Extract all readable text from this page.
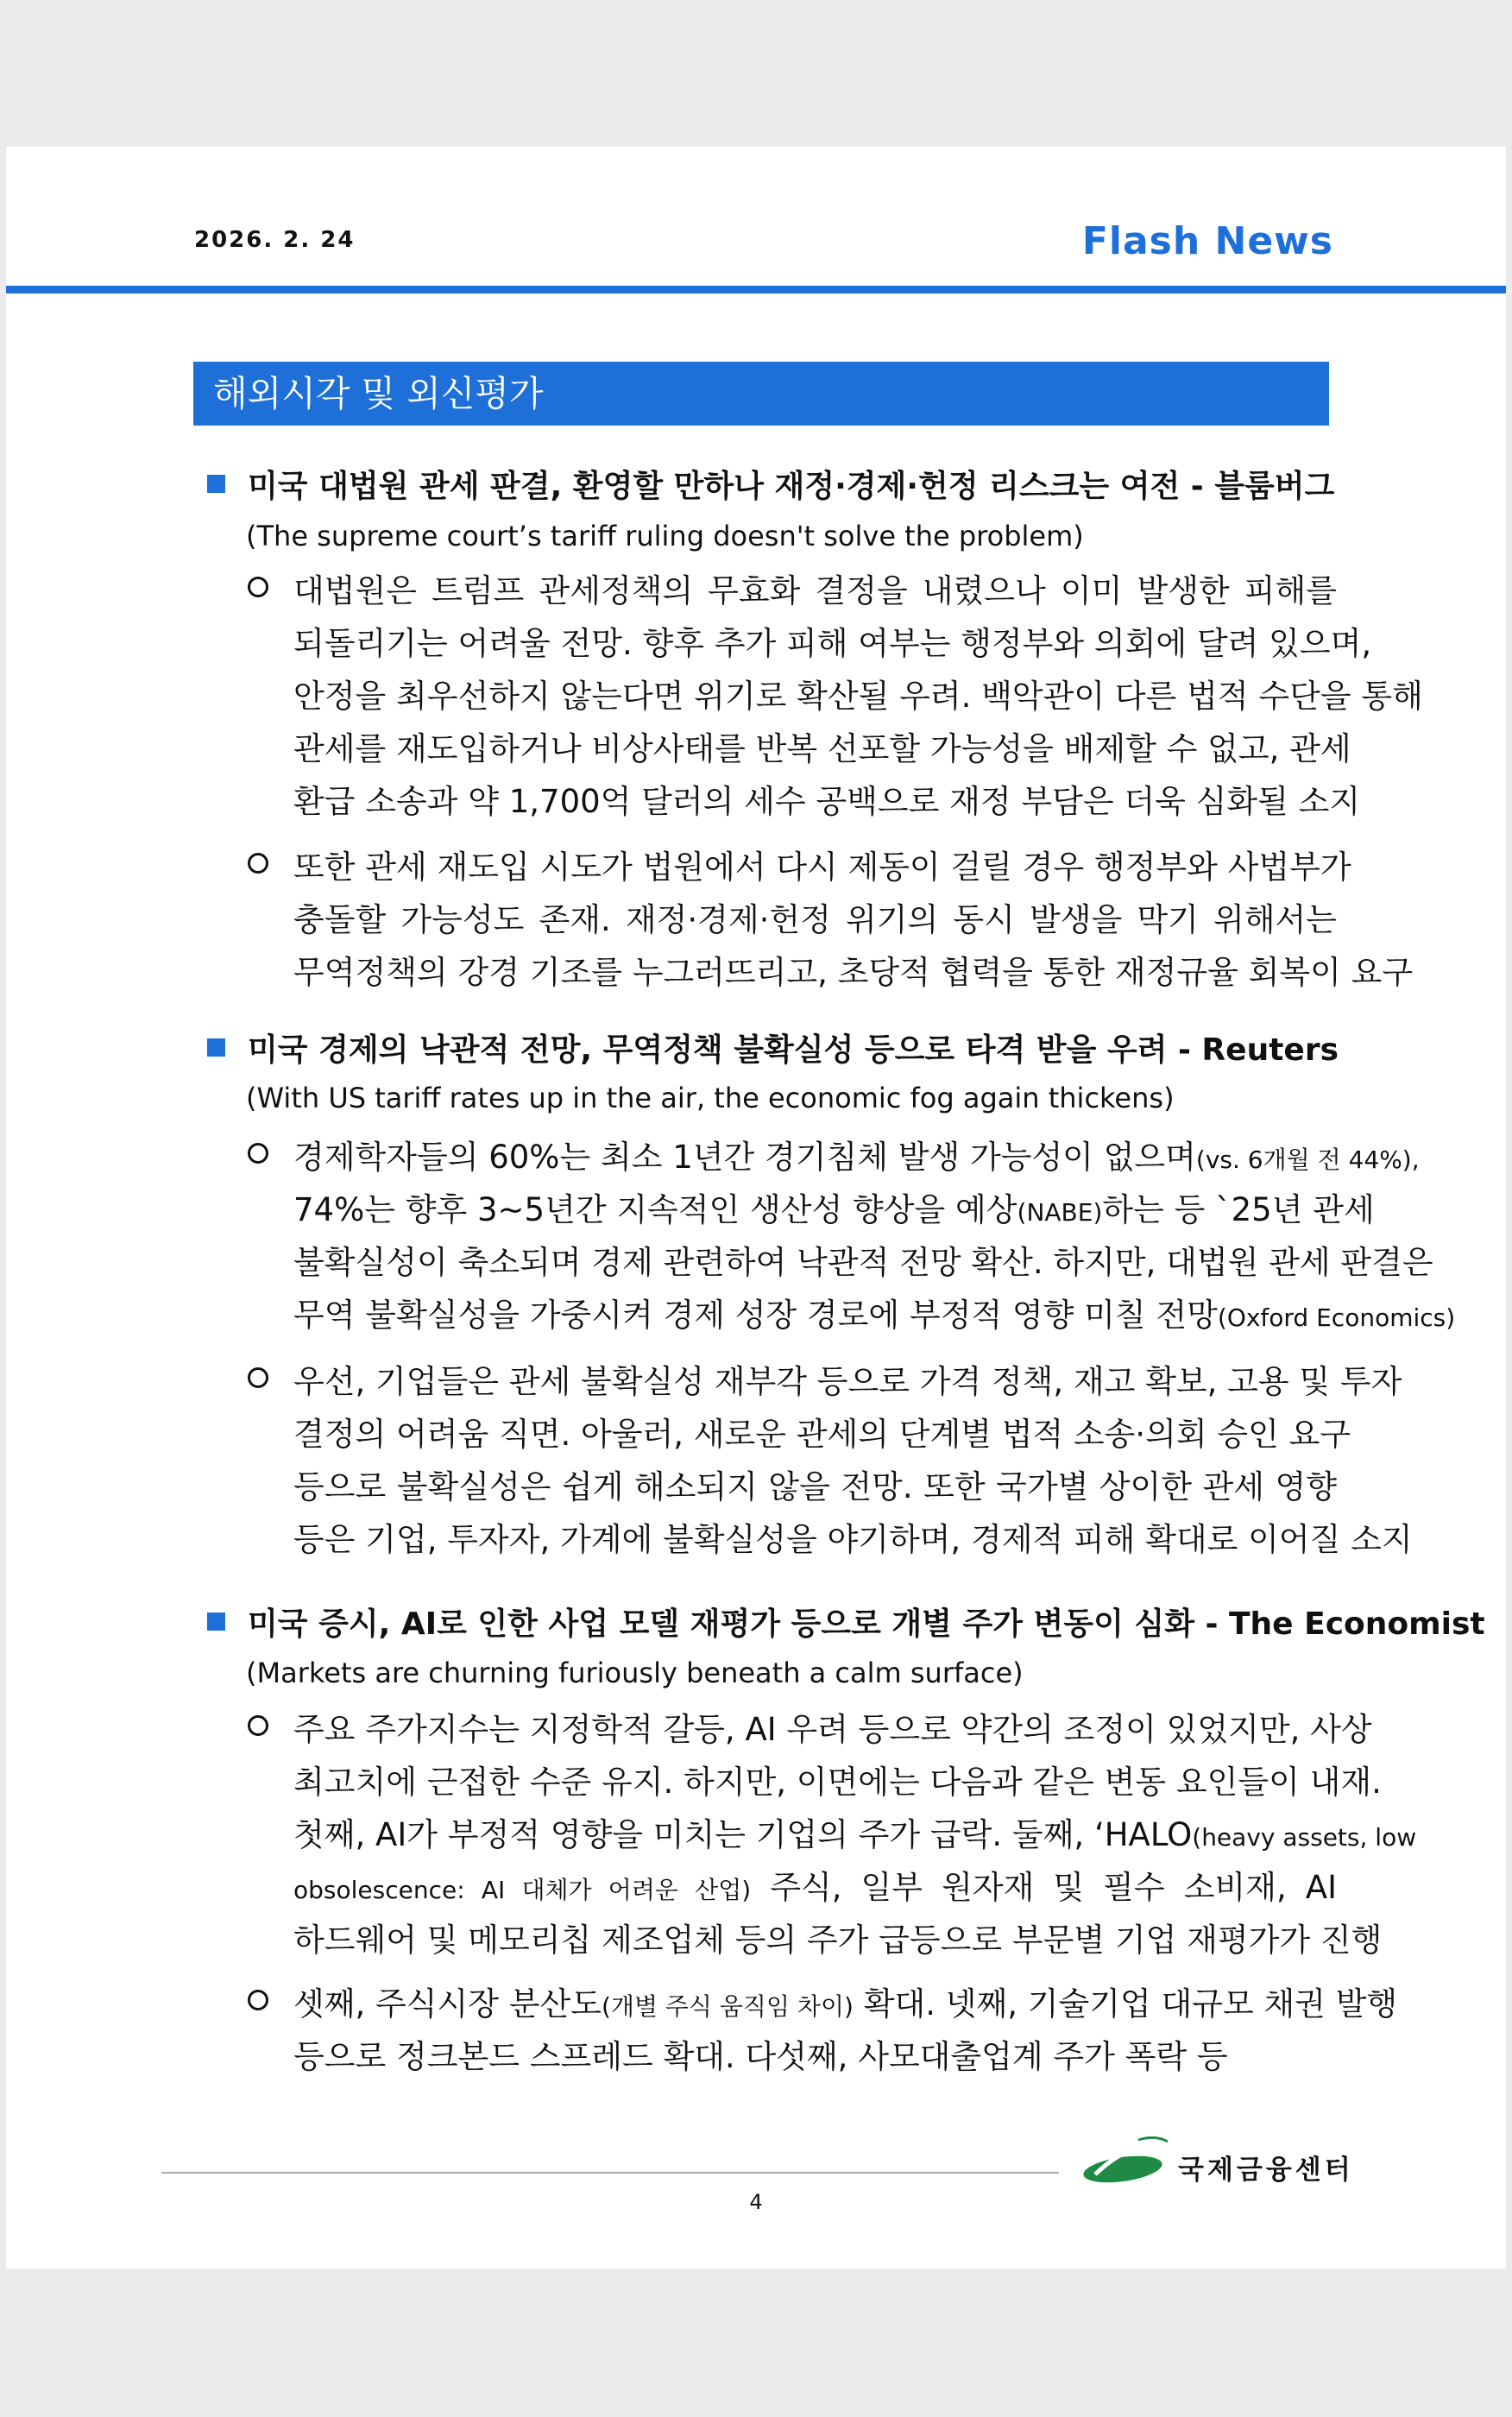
2026. 2. 24	Flash News
해외시각 및 외신평가
미국 대법원 관세 판결, 환영할 만하나 재정·경제·헌정 리스크는 여전 - 블룸버그
(The supreme court’s tariff ruling doesn't solve the problem)
대법원은 트럼프 관세정책의 무효화 결정을 내렸으나 이미 발생한 피해를
되돌리기는 어려울 전망. 향후 추가 피해 여부는 행정부와 의회에 달려 있으며,
안정을 최우선하지 않는다면 위기로 확산될 우려. 백악관이 다른 법적 수단을 통해
관세를 재도입하거나 비상사태를 반복 선포할 가능성을 배제할 수 없고, 관세
환급 소송과 약 1,700억 달러의 세수 공백으로 재정 부담은 더욱 심화될 소지
또한 관세 재도입 시도가 법원에서 다시 제동이 걸릴 경우 행정부와 사법부가
충돌할 가능성도 존재. 재정·경제·헌정 위기의 동시 발생을 막기 위해서는
무역정책의 강경 기조를 누그러뜨리고, 초당적 협력을 통한 재정규율 회복이 요구
미국 경제의 낙관적 전망, 무역정책 불확실성 등으로 타격 받을 우려 - Reuters
(With US tariff rates up in the air, the economic fog again thickens)
경제학자들의 60%는 최소 1년간 경기침체 발생 가능성이 없으며(vs. 6개월 전 44%),
74%는 향후 3~5년간 지속적인 생산성 향상을 예상(NABE)하는 등 `25년 관세
불확실성이 축소되며 경제 관련하여 낙관적 전망 확산. 하지만, 대법원 관세 판결은
무역 불확실성을 가중시켜 경제 성장 경로에 부정적 영향 미칠 전망(Oxford Economics)
우선, 기업들은 관세 불확실성 재부각 등으로 가격 정책, 재고 확보, 고용 및 투자
결정의 어려움 직면. 아울러, 새로운 관세의 단계별 법적 소송·의회 승인 요구
등으로 불확실성은 쉽게 해소되지 않을 전망. 또한 국가별 상이한 관세 영향
등은 기업, 투자자, 가계에 불확실성을 야기하며, 경제적 피해 확대로 이어질 소지
미국 증시, AI로 인한 사업 모델 재평가 등으로 개별 주가 변동이 심화 - The Economist
(Markets are churning furiously beneath a calm surface)
주요 주가지수는 지정학적 갈등, AI 우려 등으로 약간의 조정이 있었지만, 사상
최고치에 근접한 수준 유지. 하지만, 이면에는 다음과 같은 변동 요인들이 내재.
첫째, AI가 부정적 영향을 미치는 기업의 주가 급락. 둘째, ‘HALO(heavy assets, low
obsolescence: AI 대체가 어려운 산업) 주식, 일부 원자재 및 필수 소비재, AI
하드웨어 및 메모리칩 제조업체 등의 주가 급등으로 부문별 기업 재평가가 진행
셋째, 주식시장 분산도(개별 주식 움직임 차이) 확대. 넷째, 기술기업 대규모 채권 발행
등으로 정크본드 스프레드 확대. 다섯째, 사모대출업계 주가 폭락 등
국제금융센터
4
